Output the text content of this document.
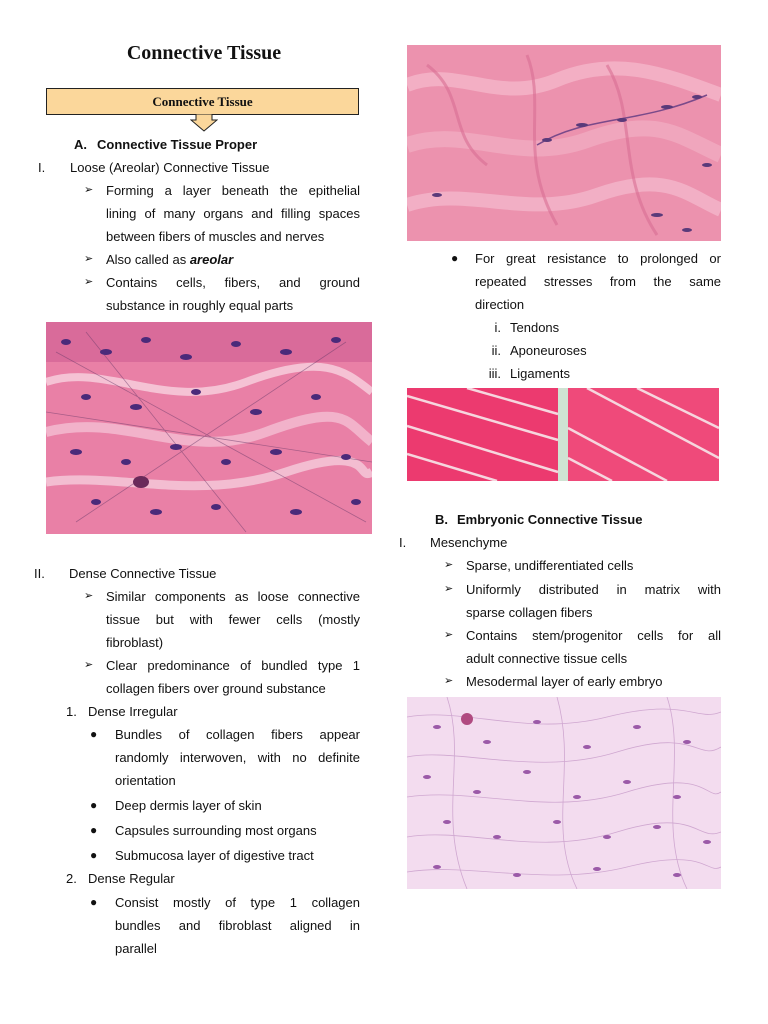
Connective Tissue
Connective Tissue
A. Connective Tissue Proper
I. Loose (Areolar) Connective Tissue
➢ Forming a layer beneath the epithelial
lining of many organs and filling spaces
between fibers of muscles and nerves
➢ Also called as areolar
➢ Contains cells, fibers, and ground
substance in roughly equal parts
II. Dense Connective Tissue
➢ Similar components as loose connective
tissue but with fewer cells (mostly
fibroblast)
➢ Clear predominance of bundled type 1
collagen fibers over ground substance
1. Dense Irregular
● Bundles of collagen fibers appear
randomly interwoven, with no definite
orientation
● Deep dermis layer of skin
● Capsules surrounding most organs
● Submucosa layer of digestive tract
2. Dense Regular
● Consist mostly of type 1 collagen
bundles and fibroblast aligned in
parallel
● For great resistance to prolonged or
repeated stresses from the same
direction
i. Tendons
ii. Aponeuroses
iii. Ligaments
B. Embryonic Connective Tissue
I. Mesenchyme
➢ Sparse, undifferentiated cells
➢ Uniformly distributed in matrix with
sparse collagen fibers
➢ Contains stem/progenitor cells for all
adult connective tissue cells
➢ Mesodermal layer of early embryo
